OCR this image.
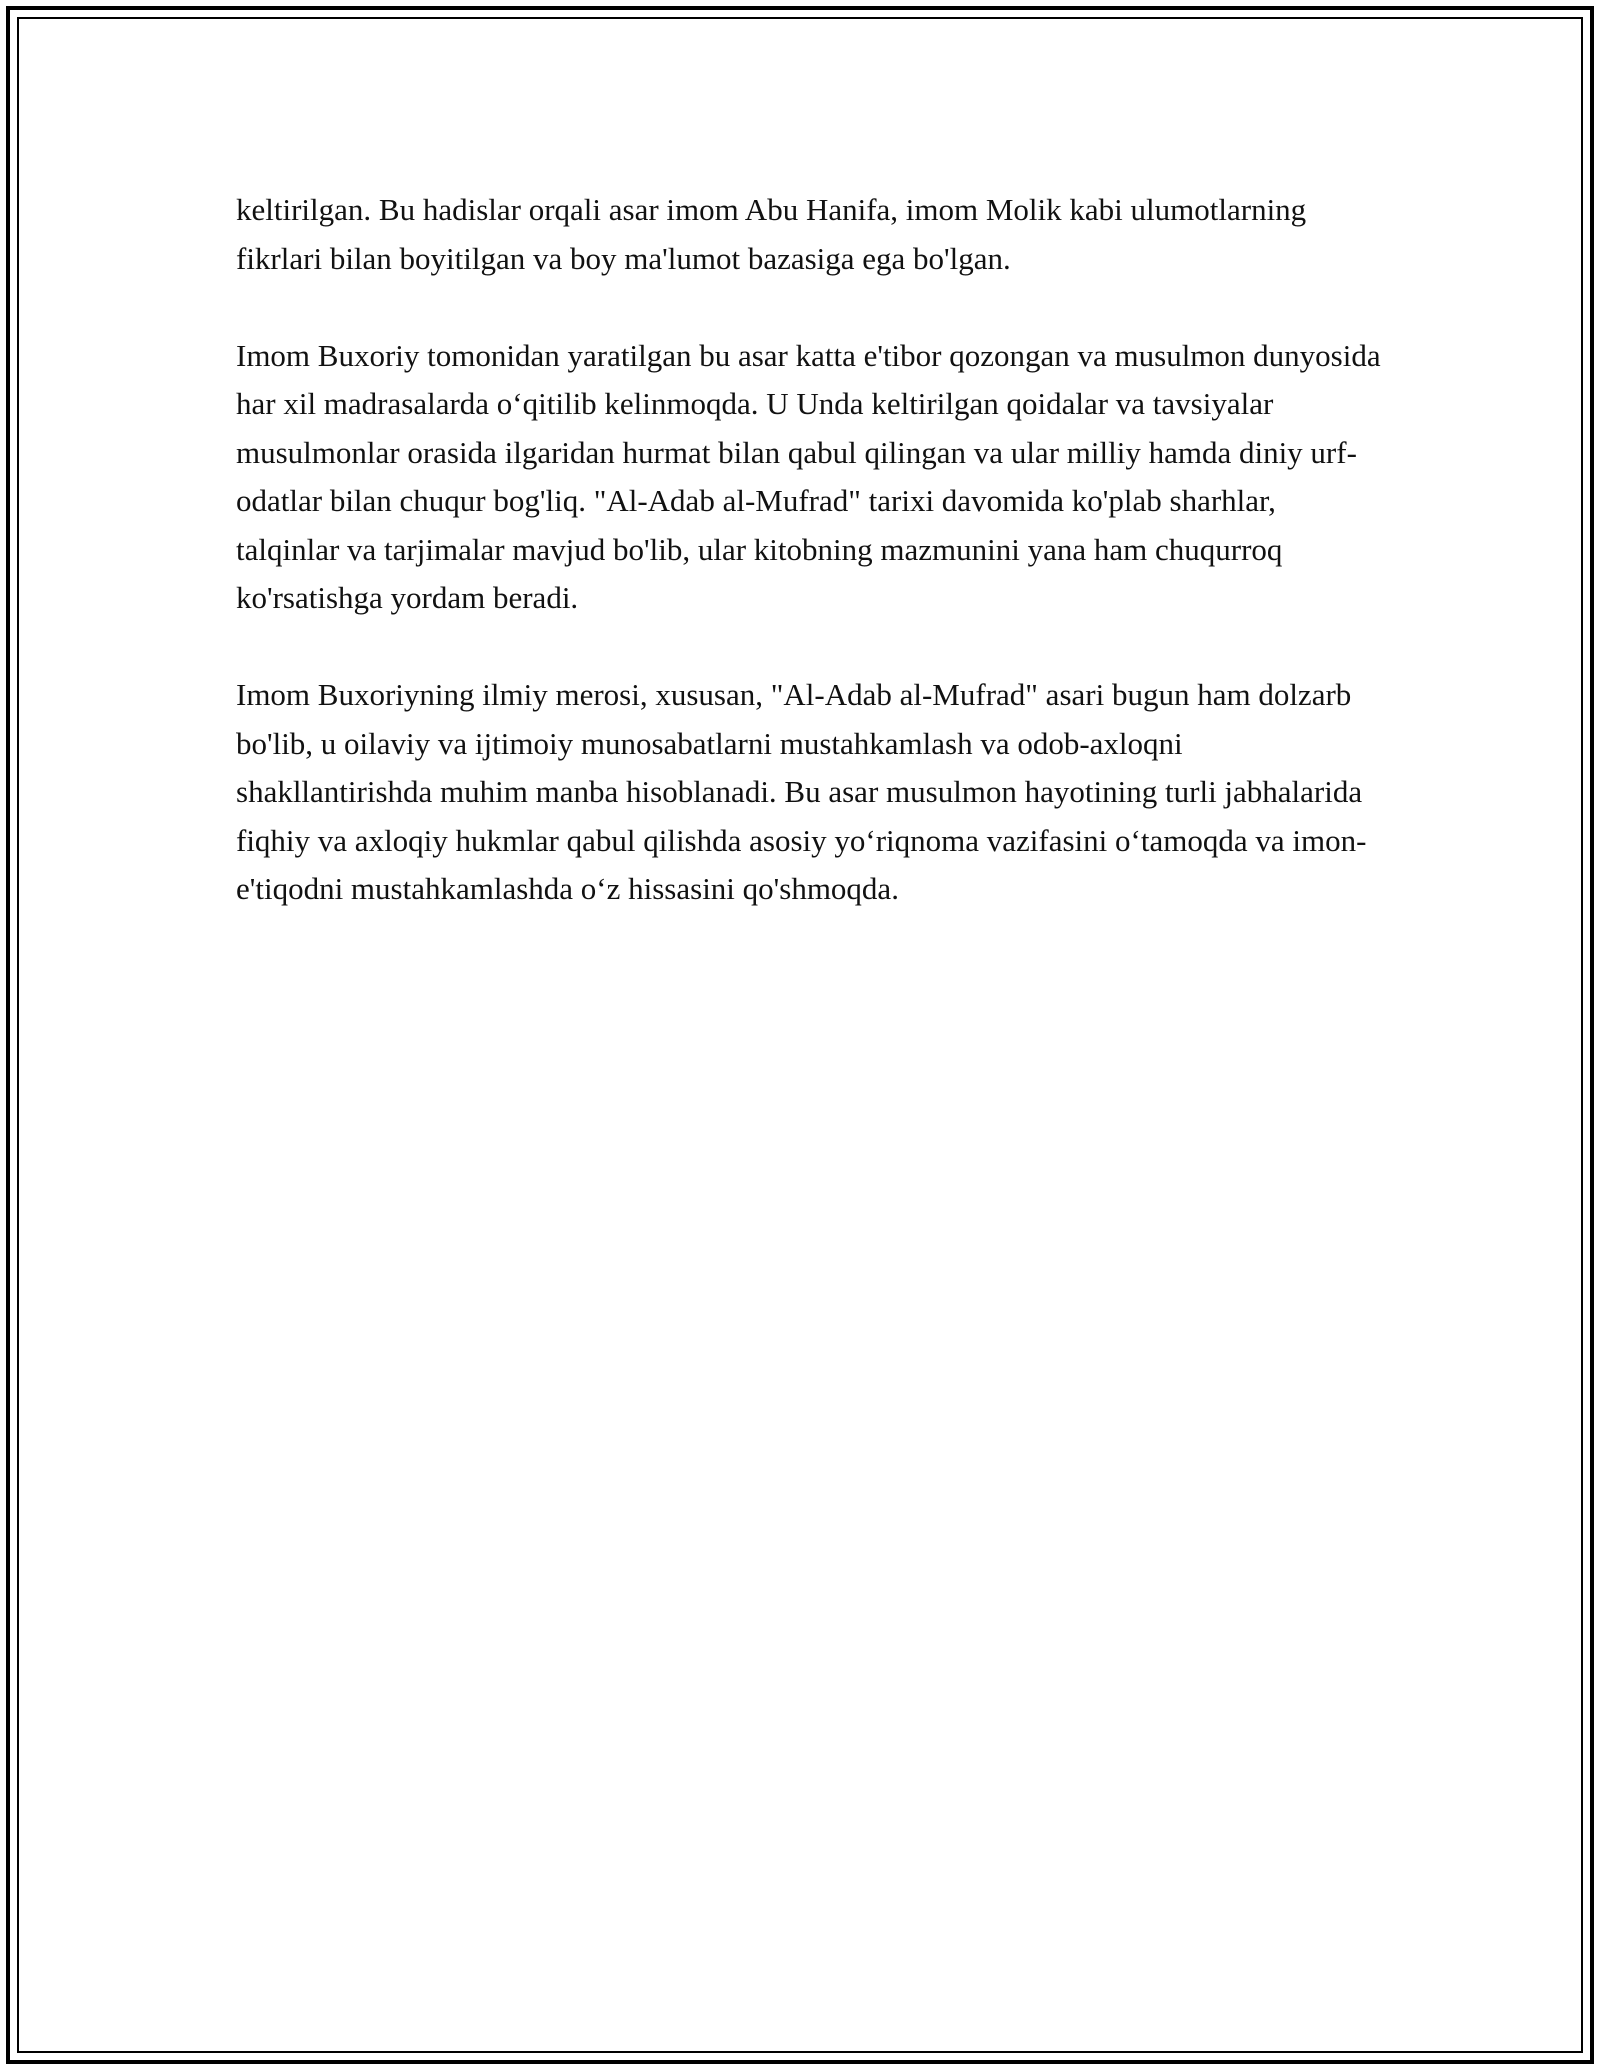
keltirilgan. Bu hadislar orqali asar imom Abu Hanifa, imom Molik kabi ulumotlarning fikrlari bilan boyitilgan va boy ma'lumot bazasiga ega bo'lgan.

Imom Buxoriy tomonidan yaratilgan bu asar katta e'tibor qozongan va musulmon dunyosida har xil madrasalarda o‘qitilib kelinmoqda. U Unda keltirilgan qoidalar va tavsiyalar musulmonlar orasida ilgaridan hurmat bilan qabul qilingan va ular milliy hamda diniy urf-odatlar bilan chuqur bog'liq. "Al-Adab al-Mufrad" tarixi davomida ko'plab sharhlar, talqinlar va tarjimalar mavjud bo'lib, ular kitobning mazmunini yana ham chuqurroq ko'rsatishga yordam beradi.

Imom Buxoriyning ilmiy merosi, xususan, "Al-Adab al-Mufrad" asari bugun ham dolzarb bo'lib, u oilaviy va ijtimoiy munosabatlarni mustahkamlash va odob-axloqni shakllantirishda muhim manba hisoblanadi. Bu asar musulmon hayotining turli jabhalarida fiqhiy va axloqiy hukmlar qabul qilishda asosiy yo‘riqnoma vazifasini o‘tamoqda va imon-e'tiqodni mustahkamlashda o‘z hissasini qo'shmoqda.
